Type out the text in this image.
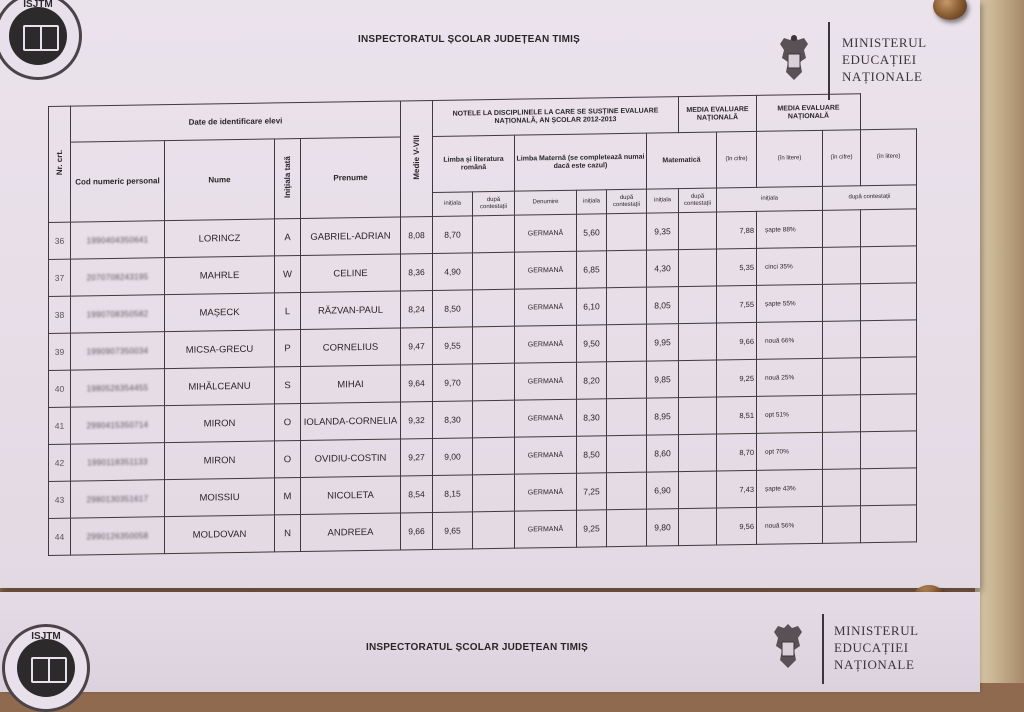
ISJTM
INSPECTORATUL ȘCOLAR JUDEȚEAN TIMIȘ	MINISTERUL
EDUCAȚIEI
NAȚIONALE
Nr. crt.	Date de identificare elevi				Medie V-VIII	NOTELE LA DISCIPLINELE LA CARE SE SUSȚINE EVALUARE NAȚIONALĂ, AN ȘCOLAR 2012-2013						MEDIA EVALUARE NAȚIONALĂ		MEDIA EVALUARE NAȚIONALĂ		
	Cod numeric personal	Nume	Inițiala tată	Prenume		Limba și literatura română		Limba Maternă (se completează numai dacă este cazul)			Matematică		(în cifre)	(în litere)	(în cifre)	(în litere)
						inițiala	după contestații	Denumire	inițiala	după contestații	inițiala	după contestații	inițiala		după contestații	
36	1990404350641	LORINCZ	A	GABRIEL-ADRIAN	8,08	8,70		GERMANĂ	5,60		9,35		7,88	șapte 88%		
37	2070708243195	MAHRLE	W	CELINE	8,36	4,90		GERMANĂ	6,85		4,30		5,35	cinci 35%		
38	1990708350582	MAȘECK	L	RĂZVAN-PAUL	8,24	8,50		GERMANĂ	6,10		8,05		7,55	șapte 55%		
39	1990907350034	MICSA-GRECU	P	CORNELIUS	9,47	9,55		GERMANĂ	9,50		9,95		9,66	nouă 66%		
40	1980526354455	MIHĂLCEANU	S	MIHAI	9,64	9,70		GERMANĂ	8,20		9,85		9,25	nouă 25%		
41	2990415350714	MIRON	O	IOLANDA-CORNELIA	9,32	8,30		GERMANĂ	8,30		8,95		8,51	opt 51%		
42	1990118351133	MIRON	O	OVIDIU-COSTIN	9,27	9,00		GERMANĂ	8,50		8,60		8,70	opt 70%		
43	2980130351617	MOISSIU	M	NICOLETA	8,54	8,15		GERMANĂ	7,25		6,90		7,43	șapte 43%		
44	2990126350058	MOLDOVAN	N	ANDREEA	9,66	9,65		GERMANĂ	9,25		9,80		9,56	nouă 56%		
ISJTM
INSPECTORATUL ȘCOLAR JUDEȚEAN TIMIȘ
MINISTERUL
EDUCAȚIEI
NAȚIONALE
